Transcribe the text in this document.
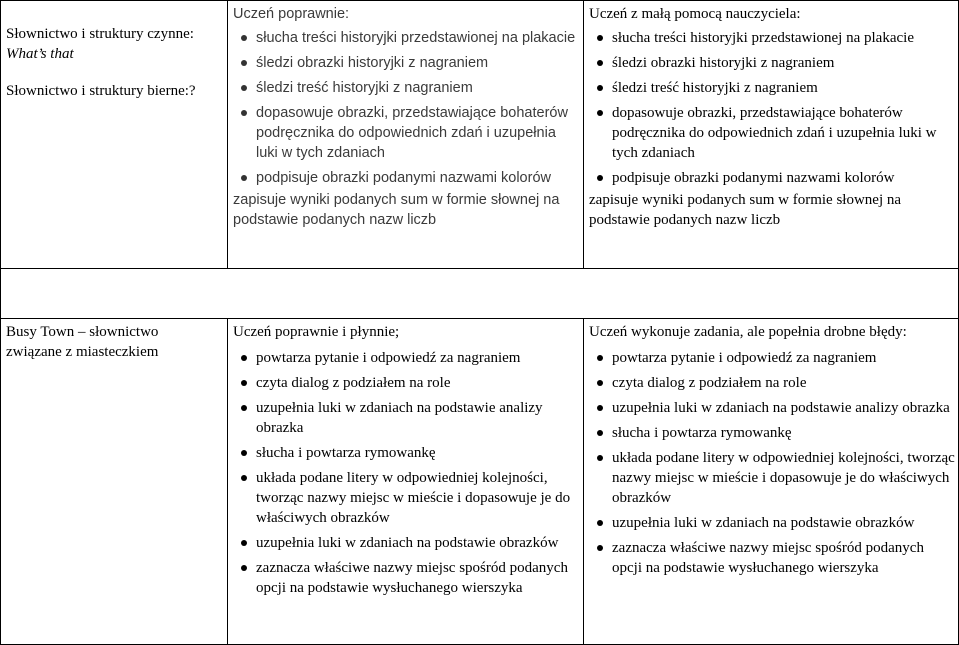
Słownictwo i struktury czynne:

What’s that

Słownictwo i struktury bierne:?

Uczeń poprawnie:

słucha treści historyjki przedstawionej na plakacie
śledzi obrazki historyjki z nagraniem
śledzi treść historyjki z nagraniem
dopasowuje obrazki, przedstawiające bohaterów podręcznika do odpowiednich zdań i uzupełnia luki w tych zdaniach
podpisuje obrazki podanymi nazwami kolorów

zapisuje wyniki podanych sum w formie słownej na podstawie podanych nazw liczb

Uczeń z małą pomocą nauczyciela:

słucha treści historyjki przedstawionej na plakacie
śledzi obrazki historyjki z nagraniem
śledzi treść historyjki z nagraniem
dopasowuje obrazki, przedstawiające bohaterów podręcznika do odpowiednich zdań i uzupełnia luki w tych zdaniach
podpisuje obrazki podanymi nazwami kolorów

zapisuje wyniki podanych sum w formie słownej na podstawie podanych nazw liczb

Busy Town – słownictwo związane z miasteczkiem

Uczeń poprawnie i płynnie;

powtarza pytanie i odpowiedź za nagraniem
czyta dialog z podziałem na role
uzupełnia luki w zdaniach na podstawie analizy obrazka
słucha i powtarza rymowankę
układa podane litery w odpowiedniej kolejności, tworząc nazwy miejsc w mieście i dopasowuje je do właściwych obrazków
uzupełnia luki w zdaniach na podstawie obrazków
zaznacza właściwe nazwy miejsc spośród podanych opcji na podstawie wysłuchanego wierszyka

Uczeń wykonuje zadania, ale popełnia drobne błędy:

powtarza pytanie i odpowiedź za nagraniem
czyta dialog z podziałem na role
uzupełnia luki w zdaniach na podstawie analizy obrazka
słucha i powtarza rymowankę
układa podane litery w odpowiedniej kolejności, tworząc nazwy miejsc w mieście i dopasowuje je do właściwych obrazków
uzupełnia luki w zdaniach na podstawie obrazków
zaznacza właściwe nazwy miejsc spośród podanych opcji na podstawie wysłuchanego wierszyka
